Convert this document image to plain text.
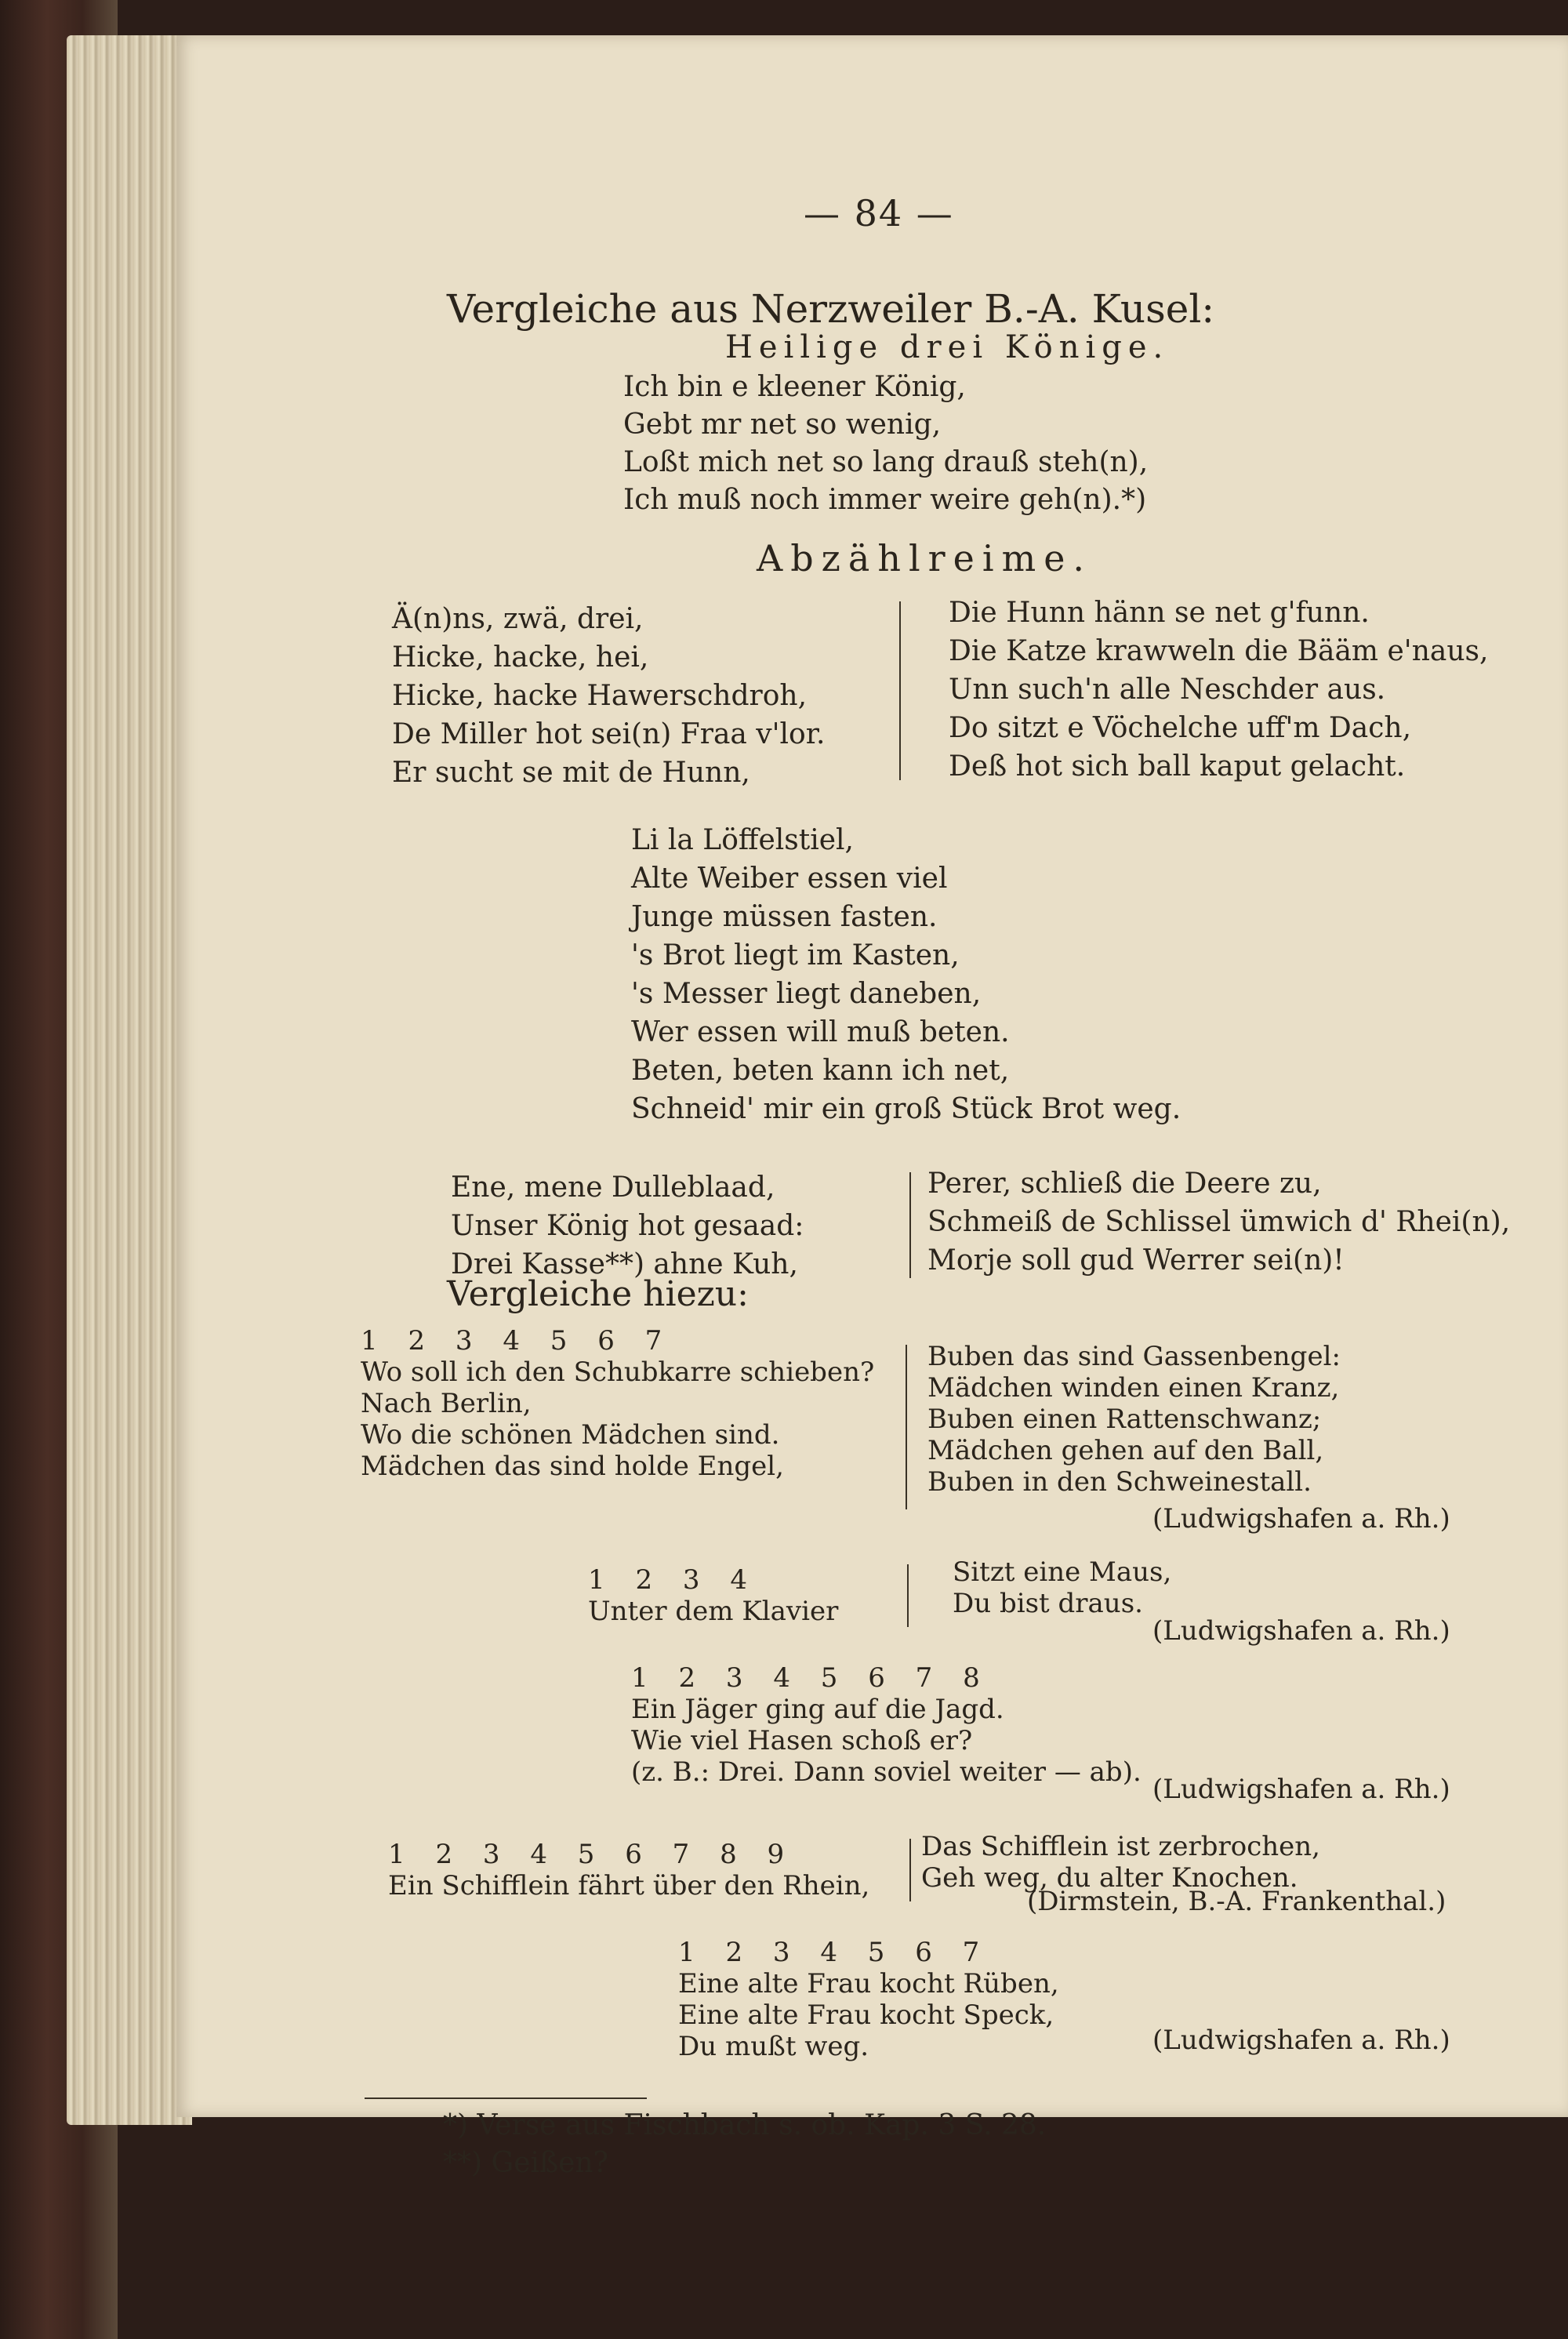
— 84 —
Vergleiche aus Nerzweiler B.-A. Kusel:
Heilige drei Könige.
Ich bin e kleener König,
Gebt mr net so wenig,
Loßt mich net so lang drauß steh(n),
Ich muß noch immer weire geh(n).*)
Abzählreime.
Ä(n)ns, zwä, drei,
Hicke, hacke, hei,
Hicke, hacke Hawerschdroh,
De Miller hot sei(n) Fraa v'lor.
Er sucht se mit de Hunn,
Die Hunn hänn se net g'funn.
Die Katze krawweln die Bääm e'naus,
Unn such'n alle Neschder aus.
Do sitzt e Vöchelche uff'm Dach,
Deß hot sich ball kaput gelacht.
Li la Löffelstiel,
Alte Weiber essen viel
Junge müssen fasten.
's Brot liegt im Kasten,
's Messer liegt daneben,
Wer essen will muß beten.
Beten, beten kann ich net,
Schneid' mir ein groß Stück Brot weg.
Ene, mene Dulleblaad,
Unser König hot gesaad:
Drei Kasse**) ahne Kuh,
Perer, schließ die Deere zu,
Schmeiß de Schlissel ümwich d' Rhei(n),
Morje soll gud Werrer sei(n)!
Vergleiche hiezu:
1 2 3 4 5 6 7
Wo soll ich den Schubkarre schieben?
Nach Berlin,
Wo die schönen Mädchen sind.
Mädchen das sind holde Engel,
Buben das sind Gassenbengel:
Mädchen winden einen Kranz,
Buben einen Rattenschwanz;
Mädchen gehen auf den Ball,
Buben in den Schweinestall.
(Ludwigshafen a. Rh.)
1 2 3 4
Unter dem Klavier
Sitzt eine Maus,
Du bist draus.
(Ludwigshafen a. Rh.)
1 2 3 4 5 6 7 8
Ein Jäger ging auf die Jagd.
Wie viel Hasen schoß er?
(z. B.: Drei. Dann soviel weiter — ab).
(Ludwigshafen a. Rh.)
1 2 3 4 5 6 7 8 9
Ein Schifflein fährt über den Rhein,
Das Schifflein ist zerbrochen,
Geh weg, du alter Knochen.
(Dirmstein, B.-A. Frankenthal.)
1 2 3 4 5 6 7
Eine alte Frau kocht Rüben,
Eine alte Frau kocht Speck,
Du mußt weg.	(Ludwigshafen a. Rh.)
*) Verse aus Fischbach s. ob. Kap. 3 S. 28.
**) Geißen?
